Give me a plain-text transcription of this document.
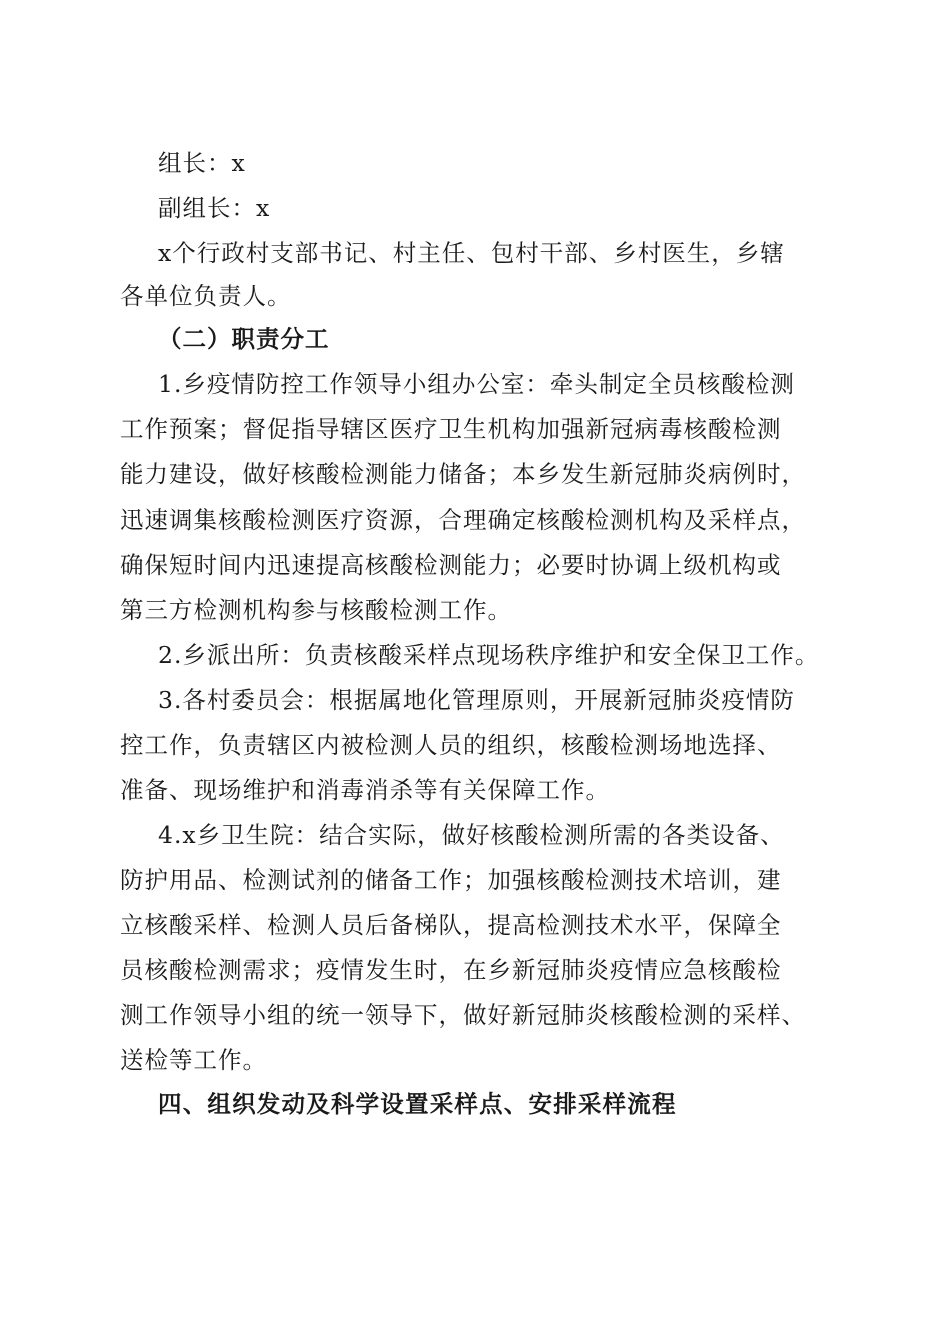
组长：x
副组长：x
x个行政村支部书记、村主任、包村干部、乡村医生，乡辖
各单位负责人。
（二）职责分工
1.乡疫情防控工作领导小组办公室：牵头制定全员核酸检测
工作预案；督促指导辖区医疗卫生机构加强新冠病毒核酸检测
能力建设，做好核酸检测能力储备；本乡发生新冠肺炎病例时，
迅速调集核酸检测医疗资源，合理确定核酸检测机构及采样点，
确保短时间内迅速提高核酸检测能力；必要时协调上级机构或
第三方检测机构参与核酸检测工作。
2.乡派出所：负责核酸采样点现场秩序维护和安全保卫工作。
3.各村委员会：根据属地化管理原则，开展新冠肺炎疫情防
控工作，负责辖区内被检测人员的组织，核酸检测场地选择、
准备、现场维护和消毒消杀等有关保障工作。
4.x乡卫生院：结合实际，做好核酸检测所需的各类设备、
防护用品、检测试剂的储备工作；加强核酸检测技术培训，建
立核酸采样、检测人员后备梯队，提高检测技术水平，保障全
员核酸检测需求；疫情发生时，在乡新冠肺炎疫情应急核酸检
测工作领导小组的统一领导下，做好新冠肺炎核酸检测的采样、
送检等工作。
四、组织发动及科学设置采样点、安排采样流程
